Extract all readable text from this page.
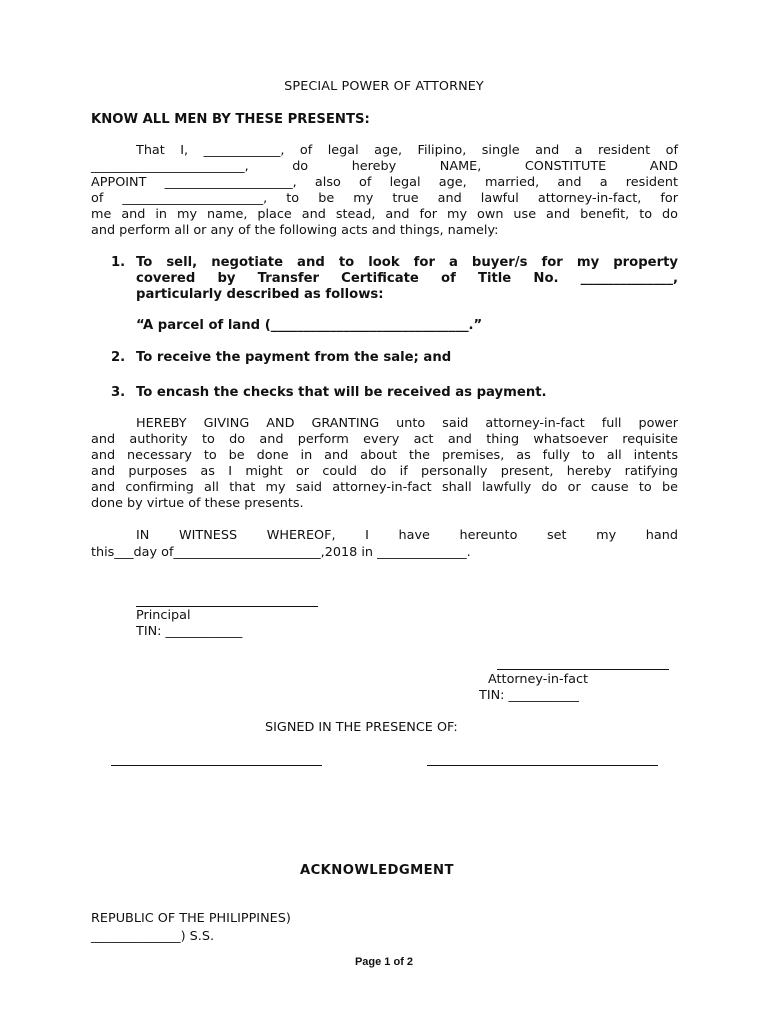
SPECIAL POWER OF ATTORNEY
KNOW ALL MEN BY THESE PRESENTS:
That I, ____________, of legal age, Filipino, single and a resident of
________________________, do hereby NAME, CONSTITUTE AND
APPOINT ____________________, also of legal age, married, and a resident
of ______________________, to be my true and lawful attorney-in-fact, for
me and in my name, place and stead, and for my own use and benefit, to do
and perform all or any of the following acts and things, namely:
1. To sell, negotiate and to look for a buyer/s for my property
covered by Transfer Certificate of Title No. ______________,
particularly described as follows:
“A parcel of land (______________________________.”
2. To receive the payment from the sale; and
3. To encash the checks that will be received as payment.
HEREBY GIVING AND GRANTING unto said attorney-in-fact full power
and authority to do and perform every act and thing whatsoever requisite
and necessary to be done in and about the premises, as fully to all intents
and purposes as I might or could do if personally present, hereby ratifying
and confirming all that my said attorney-in-fact shall lawfully do or cause to be
done by virtue of these presents.
IN WITNESS WHEREOF, I have hereunto set my hand
this___day of_______________________,2018 in ______________.
Principal
TIN: ____________
Attorney-in-fact
TIN: ___________
SIGNED IN THE PRESENCE OF:
ACKNOWLEDGMENT
REPUBLIC OF THE PHILIPPINES)
______________) S.S.
Page 1 of 2
